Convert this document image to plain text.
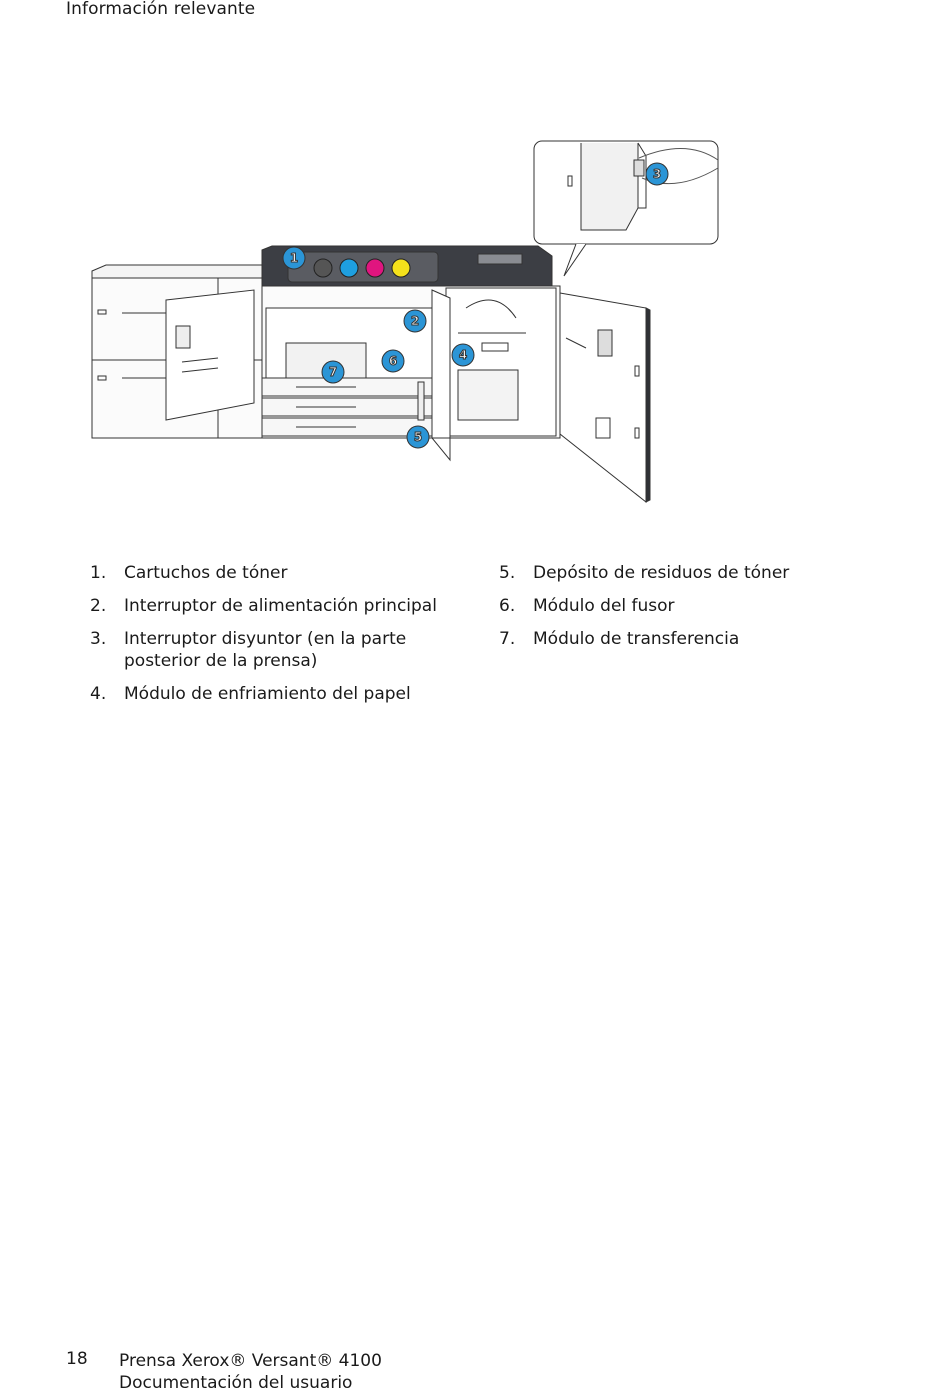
Información relevante
1
2
3
4
5
6
7
1.	Cartuchos de tóner
2.	Interruptor de alimentación principal
3.	Interruptor disyuntor (en la parte posterior de la prensa)
4.	Módulo de enfriamiento del papel
5.	Depósito de residuos de tóner
6.	Módulo del fusor
7.	Módulo de transferencia
18 Prensa Xerox® Versant® 4100
Documentación del usuario
